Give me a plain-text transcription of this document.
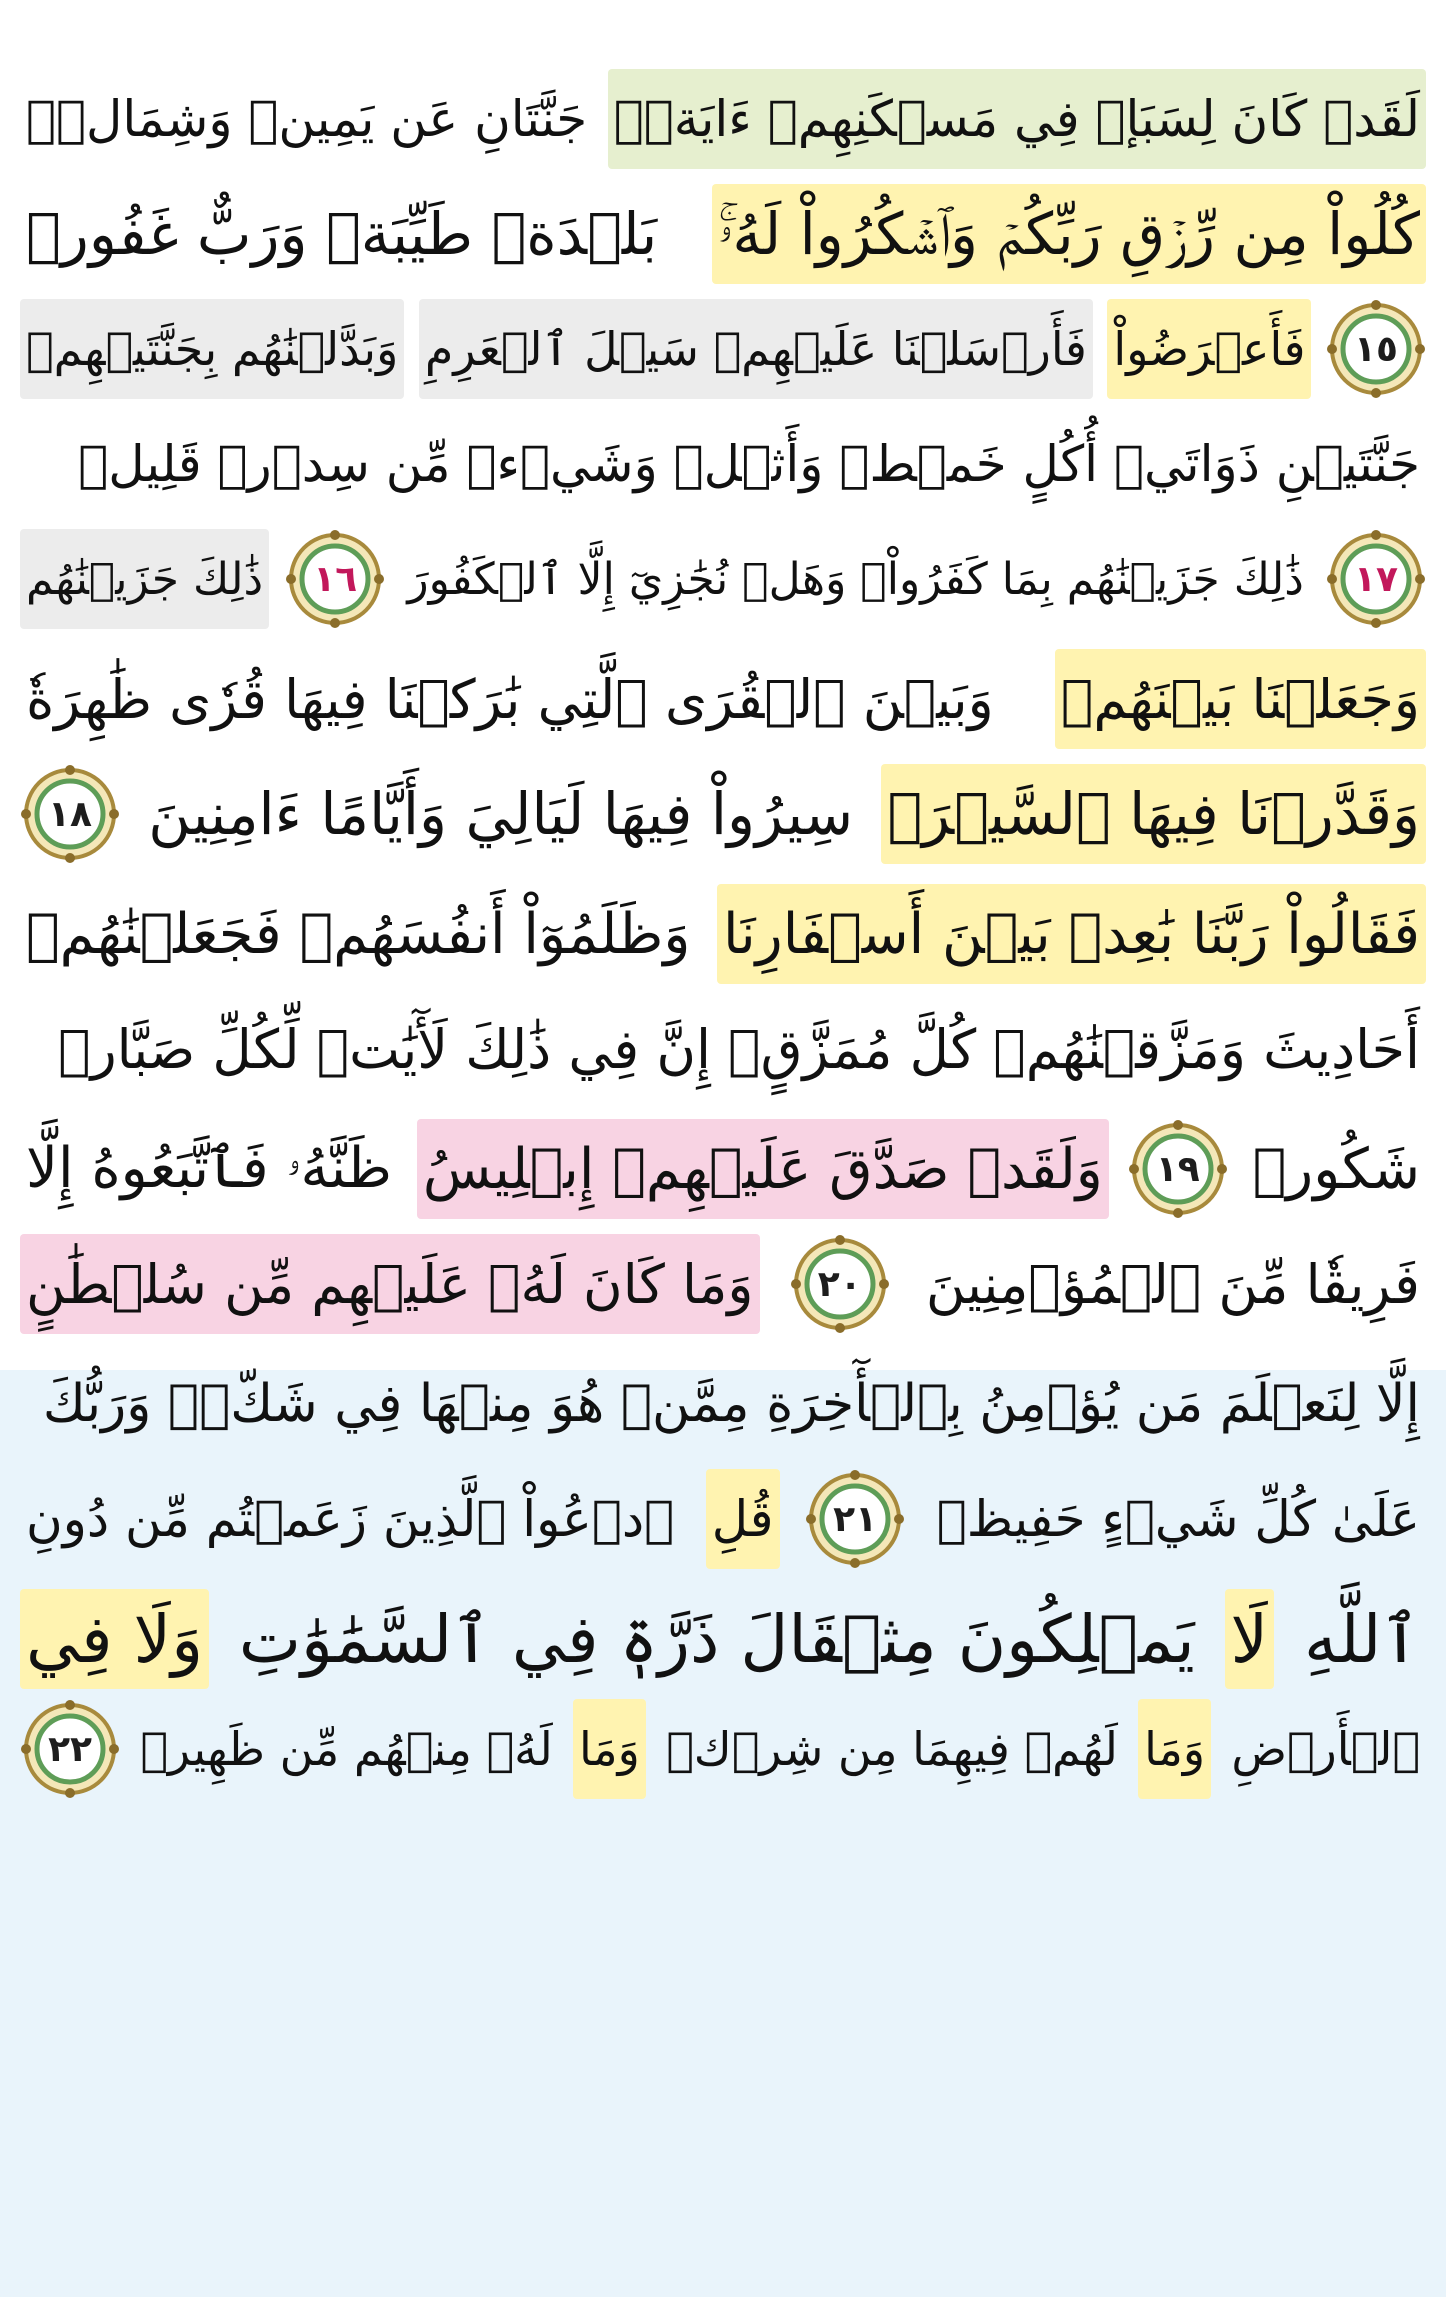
لَقَدۡ كَانَ لِسَبَإٖ فِي مَسۡكَنِهِمۡ ءَايَةٞۖ
جَنَّتَانِ عَن يَمِينٖ وَشِمَالٖۖ
كُلُواْ مِن رِّزۡقِ رَبِّكُمۡ وَٱشۡكُرُواْ لَهُۥۚ
بَلۡدَةٞ طَيِّبَةٞ وَرَبٌّ غَفُورٞ
١٥
فَأَعۡرَضُواْ
فَأَرۡسَلۡنَا عَلَيۡهِمۡ سَيۡلَ ٱلۡعَرِمِ
وَبَدَّلۡنَٰهُم بِجَنَّتَيۡهِمۡ
جَنَّتَيۡنِ ذَوَاتَيۡ أُكُلٍ خَمۡطٖ وَأَثۡلٖ وَشَيۡءٖ مِّن سِدۡرٖ قَلِيلٖ
١٧
ذَٰلِكَ جَزَيۡنَٰهُم بِمَا كَفَرُواْۖ وَهَلۡ نُجَٰزِيٓ إِلَّا ٱلۡكَفُورَ
١٦
ذَٰلِكَ جَزَيۡنَٰهُم
وَجَعَلۡنَا بَيۡنَهُمۡ
وَبَيۡنَ ٱلۡقُرَى ٱلَّتِي بَٰرَكۡنَا فِيهَا قُرٗى ظَٰهِرَةٗ
وَقَدَّرۡنَا فِيهَا ٱلسَّيۡرَۖ
سِيرُواْ فِيهَا لَيَالِيَ وَأَيَّامًا ءَامِنِينَ
١٨
فَقَالُواْ رَبَّنَا بَٰعِدۡ بَيۡنَ أَسۡفَارِنَا
وَظَلَمُوٓاْ أَنفُسَهُمۡ فَجَعَلۡنَٰهُمۡ
أَحَادِيثَ وَمَزَّقۡنَٰهُمۡ كُلَّ مُمَزَّقٍۚ إِنَّ فِي ذَٰلِكَ لَأٓيَٰتٖ لِّكُلِّ صَبَّارٖ
شَكُورٖ
١٩
وَلَقَدۡ صَدَّقَ عَلَيۡهِمۡ إِبۡلِيسُ
ظَنَّهُۥ فَٱتَّبَعُوهُ إِلَّا
فَرِيقٗا مِّنَ ٱلۡمُؤۡمِنِينَ
٢٠
وَمَا كَانَ لَهُۥ عَلَيۡهِم مِّن سُلۡطَٰنٍ
إِلَّا لِنَعۡلَمَ مَن يُؤۡمِنُ بِٱلۡأٓخِرَةِ مِمَّنۡ هُوَ مِنۡهَا فِي شَكّٖۗ وَرَبُّكَ
عَلَىٰ كُلِّ شَيۡءٍ حَفِيظٞ
٢١
قُلِ
ٱدۡعُواْ ٱلَّذِينَ زَعَمۡتُم مِّن دُونِ
ٱللَّهِ
لَا
يَمۡلِكُونَ مِثۡقَالَ ذَرَّةٖ فِي ٱلسَّمَٰوَٰتِ
وَلَا فِي
ٱلۡأَرۡضِ
وَمَا
لَهُمۡ فِيهِمَا مِن شِرۡكٖ
وَمَا
لَهُۥ مِنۡهُم مِّن ظَهِيرٖ
٢٢
